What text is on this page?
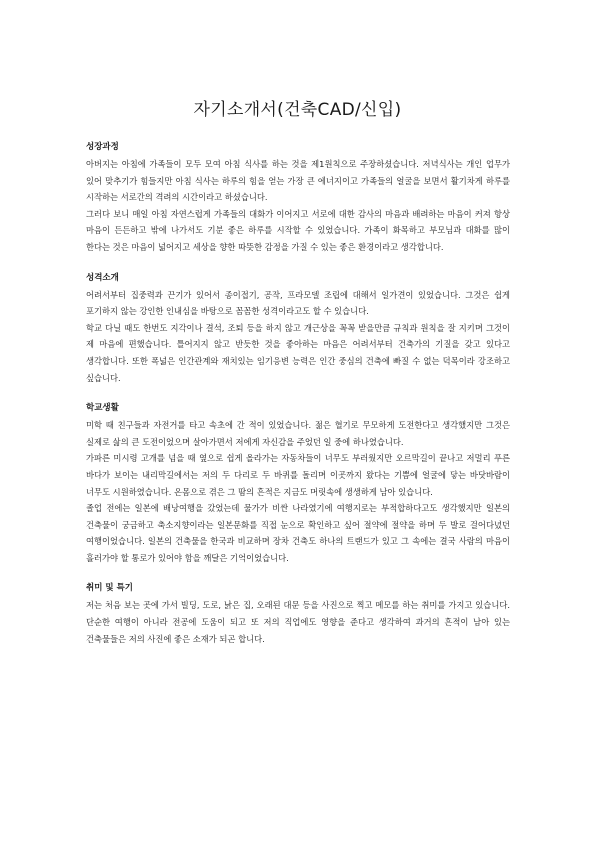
자기소개서(건축CAD/신입)
성장과정

아버지는 아침에 가족들이 모두 모여 아침 식사를 하는 것을 제1원칙으로 주장하셨습니다. 저녁식사는 개인 업무가 있어 맞추기가 힘들지만 아침 식사는 하루의 힘을 얻는 가장 큰 에너지이고 가족들의 얼굴을 보면서 활기차게 하루를 시작하는 서로간의 격려의 시간이라고 하셨습니다.

그러다 보니 매일 아침 자연스럽게 가족들의 대화가 이어지고 서로에 대한 감사의 마음과 배려하는 마음이 커져 항상 마음이 든든하고 밖에 나가서도 기분 좋은 하루를 시작할 수 있었습니다. 가족이 화목하고 부모님과 대화를 많이 한다는 것은 마음이 넓어지고 세상을 향한 따뜻한 감정을 가질 수 있는 좋은 환경이라고 생각합니다.

성격소개

어려서부터 집중력과 끈기가 있어서 종이접기, 공작, 프라모델 조립에 대해서 일가견이 있었습니다. 그것은 쉽게 포기하지 않는 강인한 인내심을 바탕으로 꼼꼼한 성격이라고도 할 수 있습니다.

학교 다닐 때도 한번도 지각이나 결석, 조퇴 등을 하지 않고 개근상을 꼭꼭 받을만큼 규칙과 원칙을 잘 지키며 그것이 제 마음에 편했습니다. 틀어지지 않고 반듯한 것을 좋아하는 마음은 어려서부터 건축가의 기질을 갖고 있다고 생각합니다. 또한 폭넓은 인간관계와 재치있는 임기응변 능력은 인간 중심의 건축에 빠질 수 없는 덕목이라 강조하고 싶습니다.

학교생활

미학 때 친구들과 자전거를 타고 속초에 간 적이 있었습니다. 젊은 혈기로 무모하게 도전한다고 생각했지만 그것은 실제로 삶의 큰 도전이었으며 살아가면서 저에게 자신감을 주었던 일 중에 하나였습니다.

가파른 미시령 고개를 넘을 때 옆으로 쉽게 올라가는 자동차들이 너무도 부러웠지만 오르막길이 끝나고 저멀리 푸른 바다가 보이는 내리막길에서는 저의 두 다리로 두 바퀴를 돌리며 이곳까지 왔다는 기쁨에 얼굴에 닿는 바닷바람이 너무도 시원하였습니다. 온몸으로 겪은 그 땀의 흔적은 지금도 머릿속에 생생하게 남아 있습니다.

졸업 전에는 일본에 배낭여행을 갔었는데 물가가 비싼 나라였기에 여행지로는 부적합하다고도 생각했지만 일본의 건축물이 궁금하고 축소지향이라는 일본문화를 직접 눈으로 확인하고 싶어 절약에 절약을 하며 두 발로 걸어다녔던 여행이었습니다. 일본의 건축물을 한국과 비교하며 장차 건축도 하나의 트랜드가 있고 그 속에는 결국 사람의 마음이 흘러가야 할 통로가 있어야 함을 깨달은 기억이었습니다.

취미 및 특기

저는 처음 보는 곳에 가서 빌딩, 도로, 낡은 집, 오래된 대문 등을 사진으로 찍고 메모를 하는 취미를 가지고 있습니다. 단순한 여행이 아니라 전공에 도움이 되고 또 저의 직업에도 영향을 준다고 생각하여 과거의 흔적이 남아 있는 건축물들은 저의 사진에 좋은 소재가 되곤 합니다.
